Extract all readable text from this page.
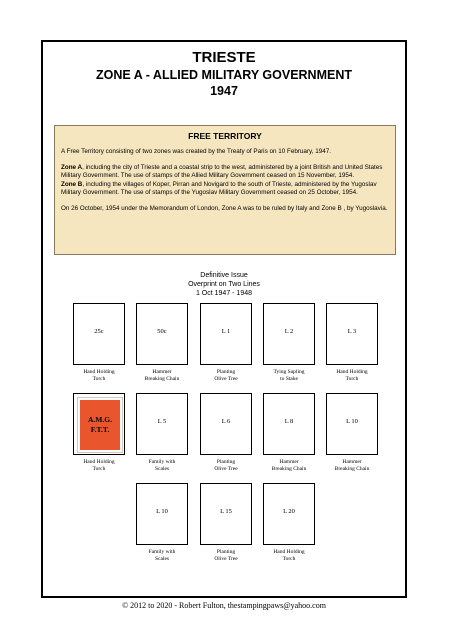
TRIESTE
ZONE A - ALLIED MILITARY GOVERNMENT
1947
FREE TERRITORY

A Free Territory consisting of two zones was created by the Treaty of Paris on 10 February, 1947.

Zone A, including the city of Trieste and a coastal strip to the west, administered by a joint British and United States Military Government. The use of stamps of the Allied Military Government ceased on 15 November, 1954.

Zone B, including the villages of Koper, Pirran and Novigard to the south of Trieste, administered by the Yugoslav Military Government. The use of stamps of the Yugoslav Military Government ceased on 25 October, 1954.

On 26 October, 1954 under the Memorandum of London, Zone A was to be ruled by Italy and Zone B , by Yugoslavia.

Definitive Issue
Overprint on Two Lines
1 Oct 1947 - 1948
25c
Hand Holding
Torch
50c
Hammer
Breaking Chain
L 1
Planting
Olive Tree
L 2
Tying Sapling
to Stake
L 3
Hand Holding
Torch
A.M.G.
F.T.T.
Hand Holding
Torch
L 5
Family with
Scales
L 6
Planting
Olive Tree
L 8
Hammer
Breaking Chain
L 10
Hammer
Breaking Chain
L 10
Family with
Scales
L 15
Planting
Olive Tree
L 20
Hand Holding
Torch
© 2012 to 2020 - Robert Fulton, thestampingpaws@yahoo.com
